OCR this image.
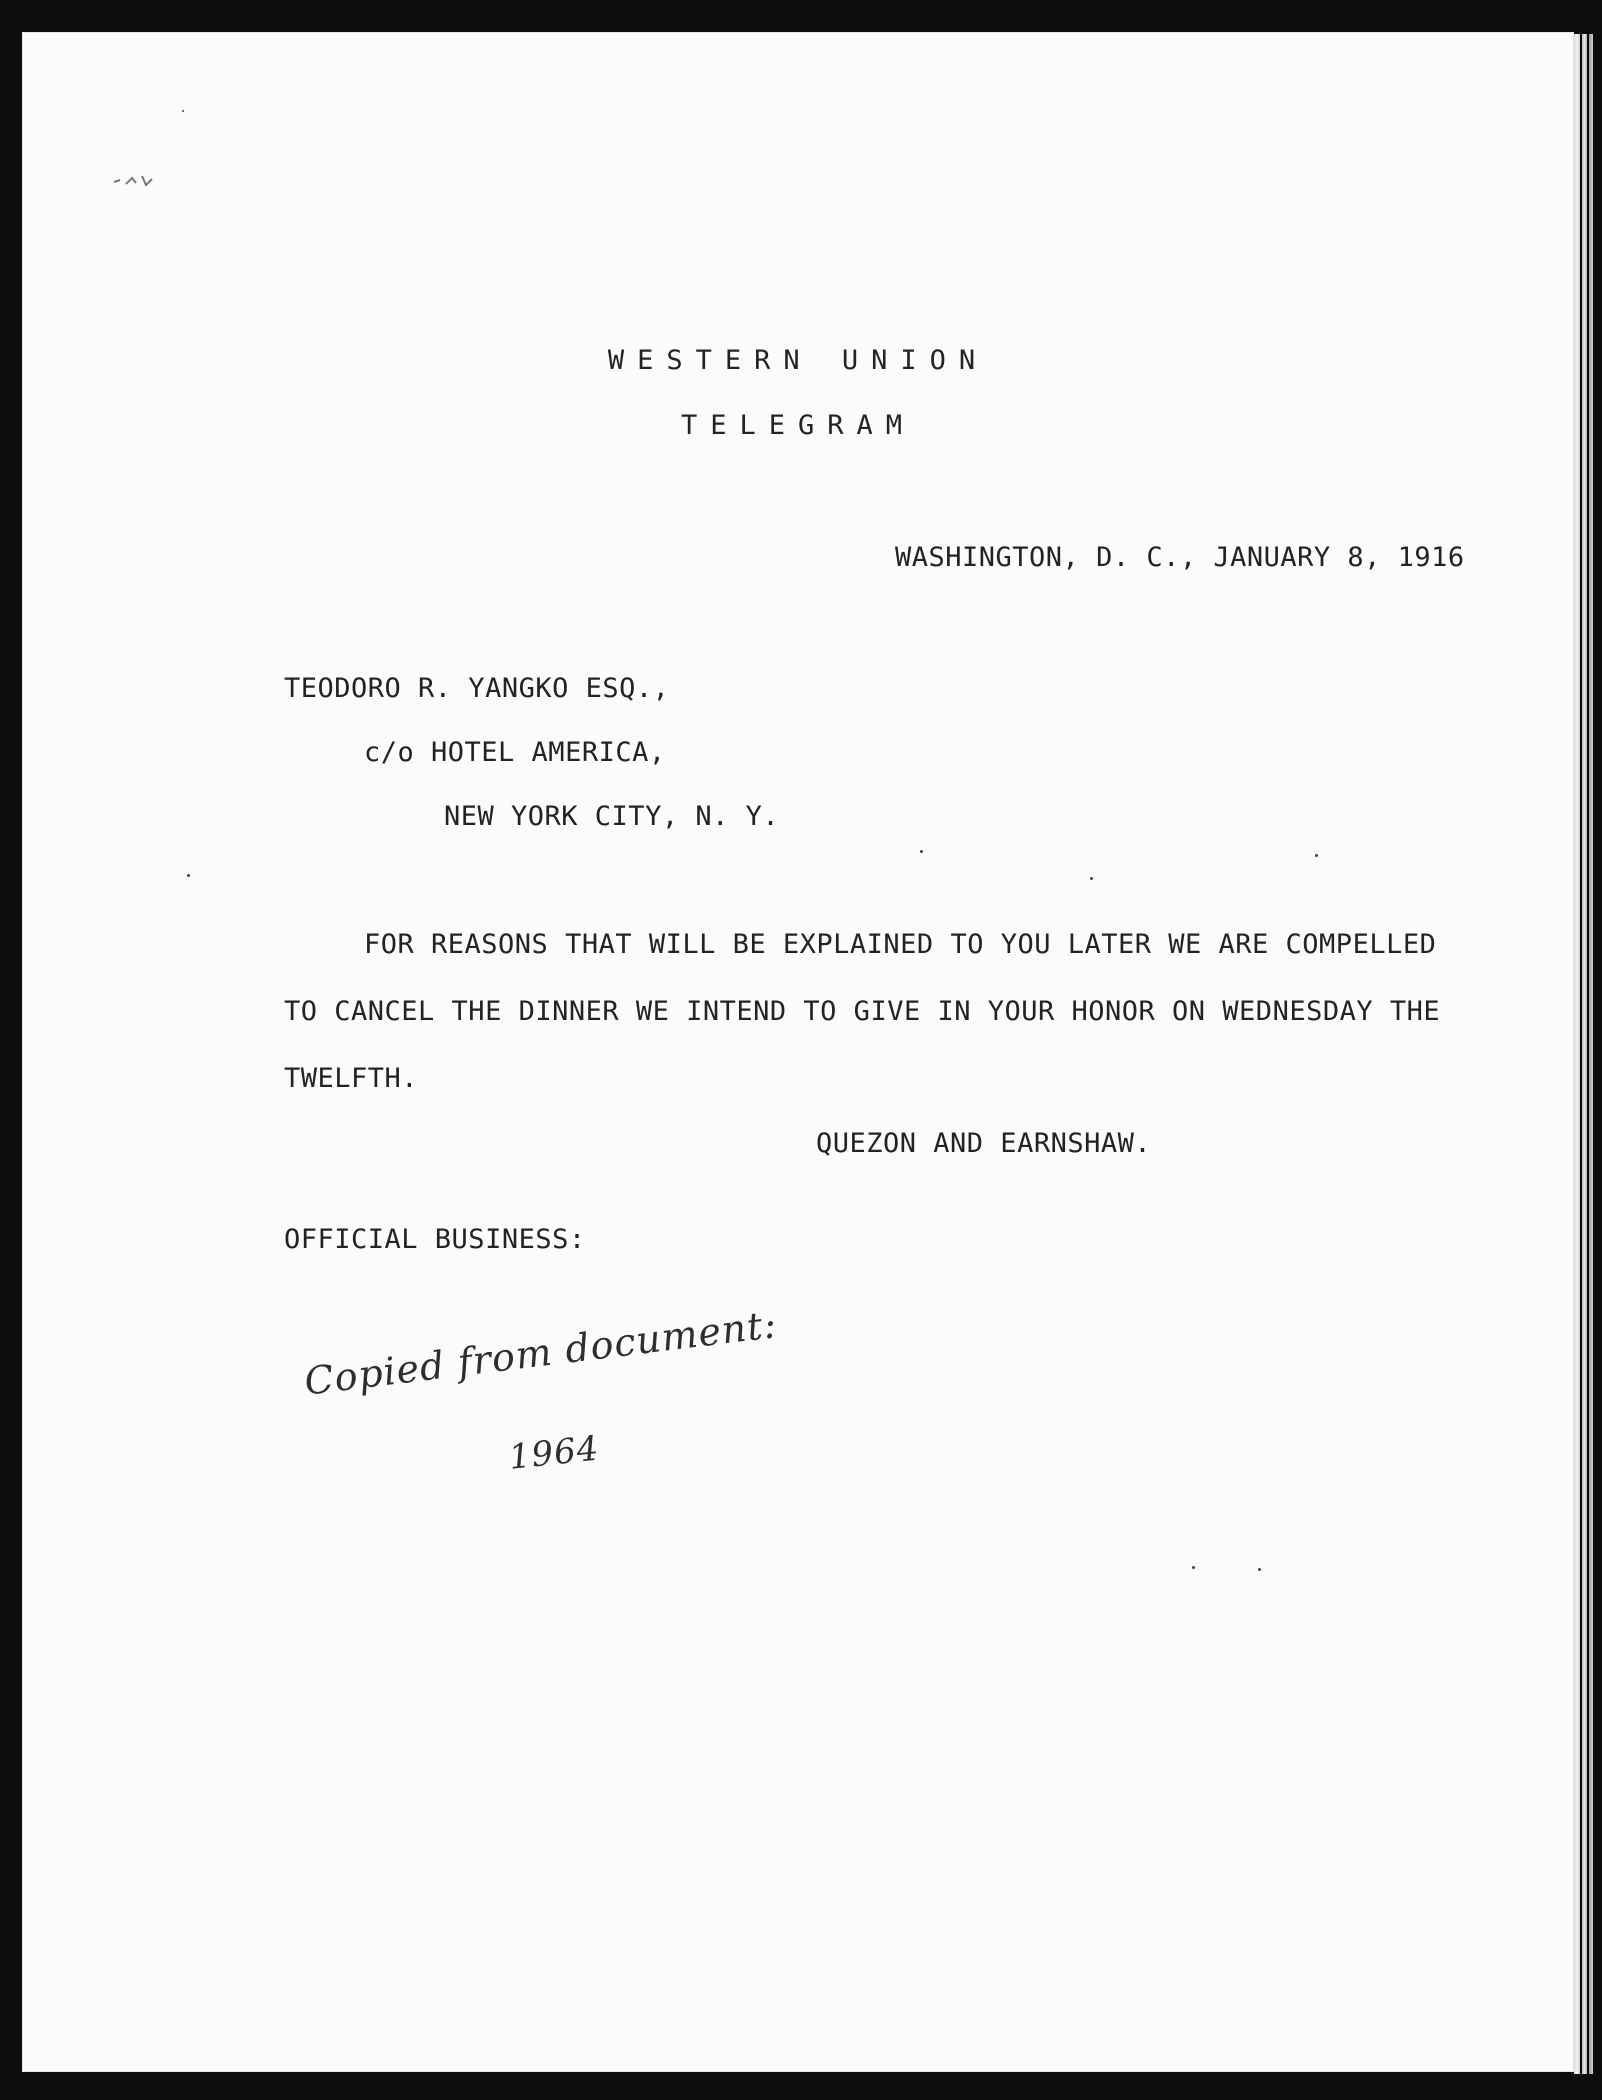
WESTERN UNION
TELEGRAM
WASHINGTON, D. C., JANUARY 8, 1916
TEODORO R. YANGKO ESQ.,
c/o HOTEL AMERICA,
NEW YORK CITY, N. Y.
FOR REASONS THAT WILL BE EXPLAINED TO YOU LATER WE ARE COMPELLED
TO CANCEL THE DINNER WE INTEND TO GIVE IN YOUR HONOR ON WEDNESDAY THE
TWELFTH.
QUEZON AND EARNSHAW.
OFFICIAL BUSINESS:
Copied from document:
1964
